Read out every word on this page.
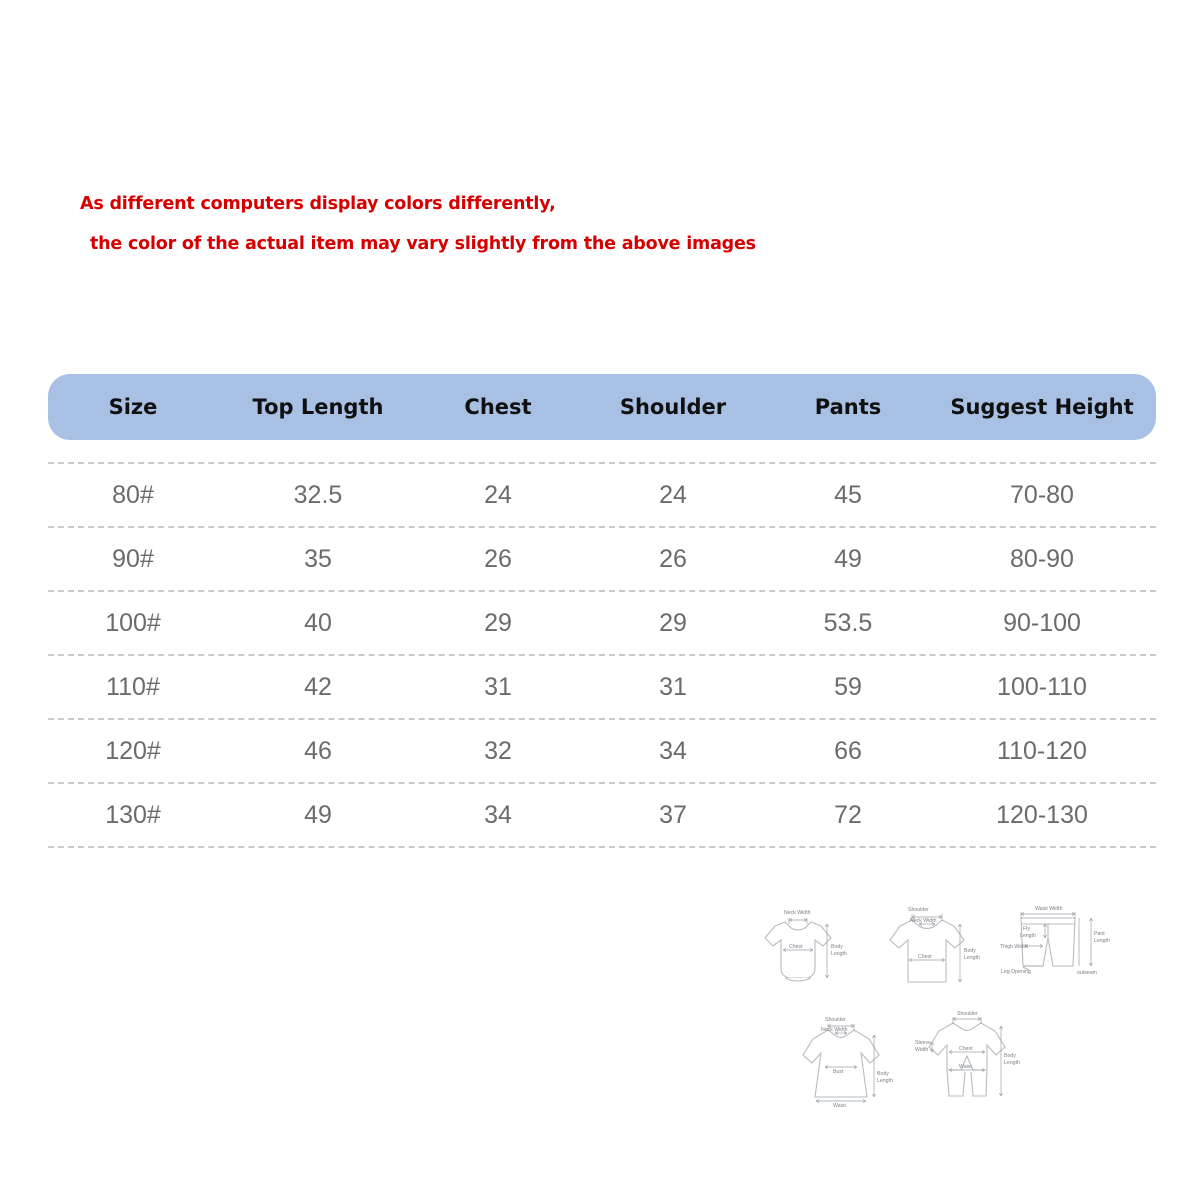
As different computers display colors differently,
the color of the actual item may vary slightly from the above images
Size	Top Length	Chest	Shoulder	Pants	Suggest Height
80#	32.5	24	24	45	70-80
90#	35	26	26	49	80-90
100#	40	29	29	53.5	90-100
110#	42	31	31	59	100-110
120#	46	32	34	66	110-120
130#	49	34	37	72	120-130
Neck Width
Chest	Body
Length
Shoulder
Neck Width
Chest
Body
Length
Waist Width
Fly
Length
Thigh Width
Leg Opening	outseam
Pant
Length
Shoulder
Neck Width
Bust
Waist
Body
Length
Shoulder
Sleeve
Width	Chest
Waist
Body
Length
